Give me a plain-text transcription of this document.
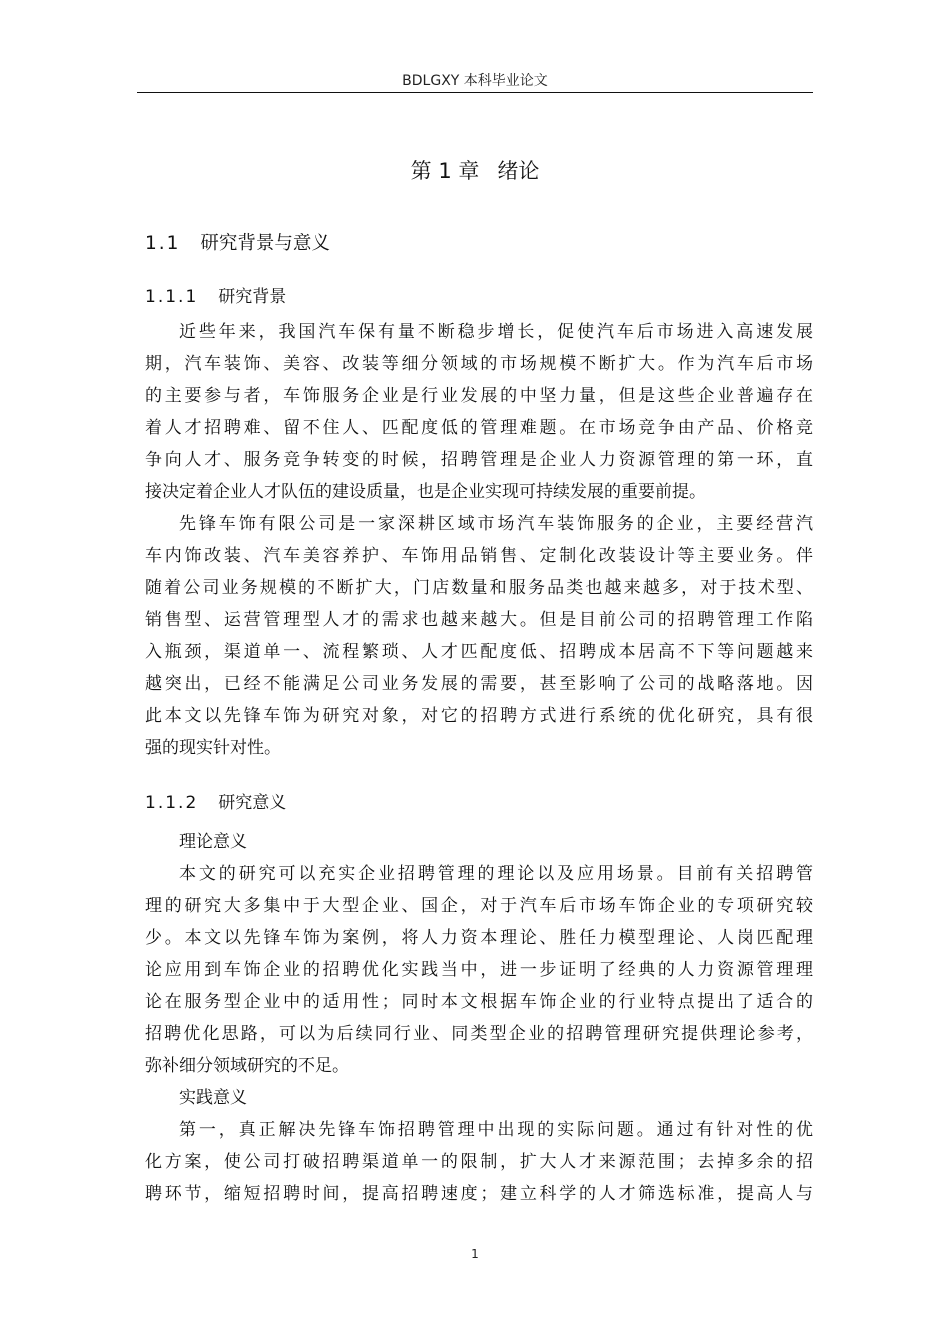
BDLGXY 本科毕业论文
第 1 章 绪论
1.1 研究背景与意义
1.1.1 研究背景
近些年来，我国汽车保有量不断稳步增长，促使汽车后市场进入高速发展
期，汽车装饰、美容、改装等细分领域的市场规模不断扩大。作为汽车后市场
的主要参与者，车饰服务企业是行业发展的中坚力量，但是这些企业普遍存在
着人才招聘难、留不住人、匹配度低的管理难题。在市场竞争由产品、价格竞
争向人才、服务竞争转变的时候，招聘管理是企业人力资源管理的第一环，直
接决定着企业人才队伍的建设质量，也是企业实现可持续发展的重要前提。
先锋车饰有限公司是一家深耕区域市场汽车装饰服务的企业，主要经营汽
车内饰改装、汽车美容养护、车饰用品销售、定制化改装设计等主要业务。伴
随着公司业务规模的不断扩大，门店数量和服务品类也越来越多，对于技术型、
销售型、运营管理型人才的需求也越来越大。但是目前公司的招聘管理工作陷
入瓶颈，渠道单一、流程繁琐、人才匹配度低、招聘成本居高不下等问题越来
越突出，已经不能满足公司业务发展的需要，甚至影响了公司的战略落地。因
此本文以先锋车饰为研究对象，对它的招聘方式进行系统的优化研究，具有很
强的现实针对性。
1.1.2 研究意义
理论意义
本文的研究可以充实企业招聘管理的理论以及应用场景。目前有关招聘管
理的研究大多集中于大型企业、国企，对于汽车后市场车饰企业的专项研究较
少。本文以先锋车饰为案例，将人力资本理论、胜任力模型理论、人岗匹配理
论应用到车饰企业的招聘优化实践当中，进一步证明了经典的人力资源管理理
论在服务型企业中的适用性；同时本文根据车饰企业的行业特点提出了适合的
招聘优化思路，可以为后续同行业、同类型企业的招聘管理研究提供理论参考，
弥补细分领域研究的不足。
实践意义
第一，真正解决先锋车饰招聘管理中出现的实际问题。通过有针对性的优
化方案，使公司打破招聘渠道单一的限制，扩大人才来源范围；去掉多余的招
聘环节，缩短招聘时间，提高招聘速度；建立科学的人才筛选标准，提高人与
1
